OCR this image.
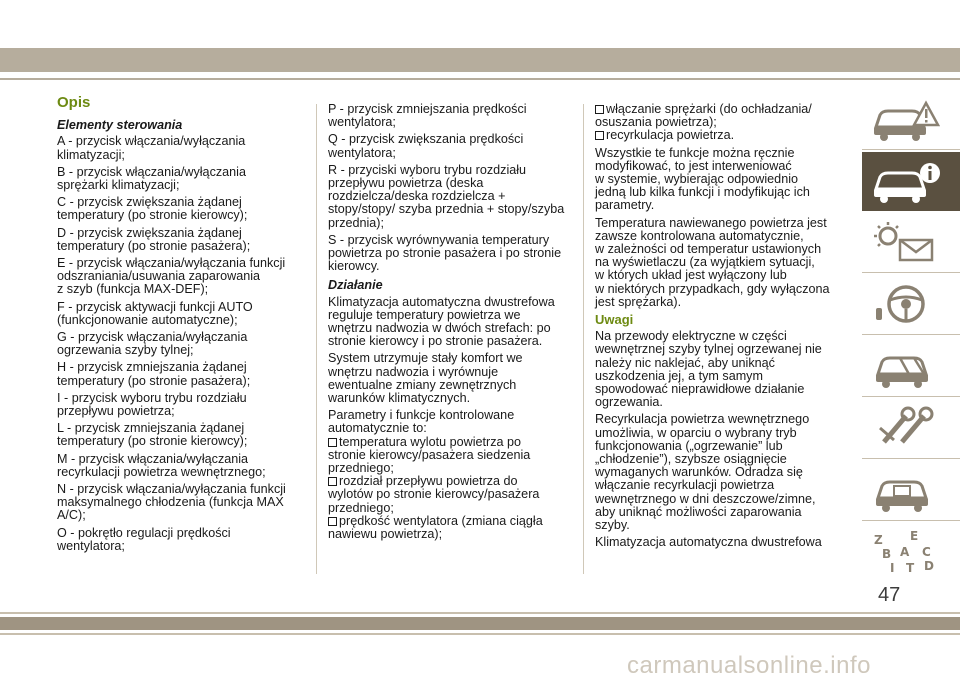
Opis

Elementy sterowania

A - przycisk włączania/wyłączania
klimatyzacji;

B - przycisk włączania/wyłączania
sprężarki klimatyzacji;

C - przycisk zwiększania żądanej
temperatury (po stronie kierowcy);

D - przycisk zwiększania żądanej
temperatury (po stronie pasażera);

E - przycisk włączania/wyłączania funkcji
odszraniania/usuwania zaparowania
z szyb (funkcja MAX-DEF);

F - przycisk aktywacji funkcji AUTO
(funkcjonowanie automatyczne);

G - przycisk włączania/wyłączania
ogrzewania szyby tylnej;

H - przycisk zmniejszania żądanej
temperatury (po stronie pasażera);

I - przycisk wyboru trybu rozdziału
przepływu powietrza;

L - przycisk zmniejszania żądanej
temperatury (po stronie kierowcy);

M - przycisk włączania/wyłączania
recyrkulacji powietrza wewnętrznego;

N - przycisk włączania/wyłączania funkcji
maksymalnego chłodzenia (funkcja MAX
A/C);

O - pokrętło regulacji prędkości
wentylatora;

P - przycisk zmniejszania prędkości
wentylatora;

Q - przycisk zwiększania prędkości
wentylatora;

R - przyciski wyboru trybu rozdziału
przepływu powietrza (deska
rozdzielcza/deska rozdzielcza +
stopy/stopy/ szyba przednia + stopy/szyba
przednia);

S - przycisk wyrównywania temperatury
powietrza po stronie pasażera i po stronie
kierowcy.

Działanie

Klimatyzacja automatyczna dwustrefowa
reguluje temperatury powietrza we
wnętrzu nadwozia w dwóch strefach: po
stronie kierowcy i po stronie pasażera.

System utrzymuje stały komfort we
wnętrzu nadwozia i wyrównuje
ewentualne zmiany zewnętrznych
warunków klimatycznych.

Parametry i funkcje kontrolowane
automatycznie to:

temperatura wylotu powietrza po
stronie kierowcy/pasażera siedzenia
przedniego;

rozdział przepływu powietrza do
wylotów po stronie kierowcy/pasażera
przedniego;

prędkość wentylatora (zmiana ciągła
nawiewu powietrza);

włączanie sprężarki (do ochładzania/
osuszania powietrza);

recyrkulacja powietrza.

Wszystkie te funkcje można ręcznie
modyfikować, to jest interweniować
w systemie, wybierając odpowiednio
jedną lub kilka funkcji i modyfikując ich
parametry.

Temperatura nawiewanego powietrza jest
zawsze kontrolowana automatycznie,
w zależności od temperatur ustawionych
na wyświetlaczu (za wyjątkiem sytuacji,
w których układ jest wyłączony lub
w niektórych przypadkach, gdy wyłączona
jest sprężarka).

Uwagi

Na przewody elektryczne w części
wewnętrznej szyby tylnej ogrzewanej nie
należy nic naklejać, aby uniknąć
uszkodzenia jej, a tym samym
spowodować nieprawidłowe działanie
ogrzewania.

Recyrkulacja powietrza wewnętrznego
umożliwia, w oparciu o wybrany tryb
funkcjonowania („ogrzewanie” lub
„chłodzenie”), szybsze osiągnięcie
wymaganych warunków. Odradza się
włączanie recyrkulacji powietrza
wewnętrznego w dni deszczowe/zimne,
aby uniknąć możliwości zaparowania
szyby.

Klimatyzacja automatyczna dwustrefowa	Z E
B A C
I T D
47
carmanualsonline.info
